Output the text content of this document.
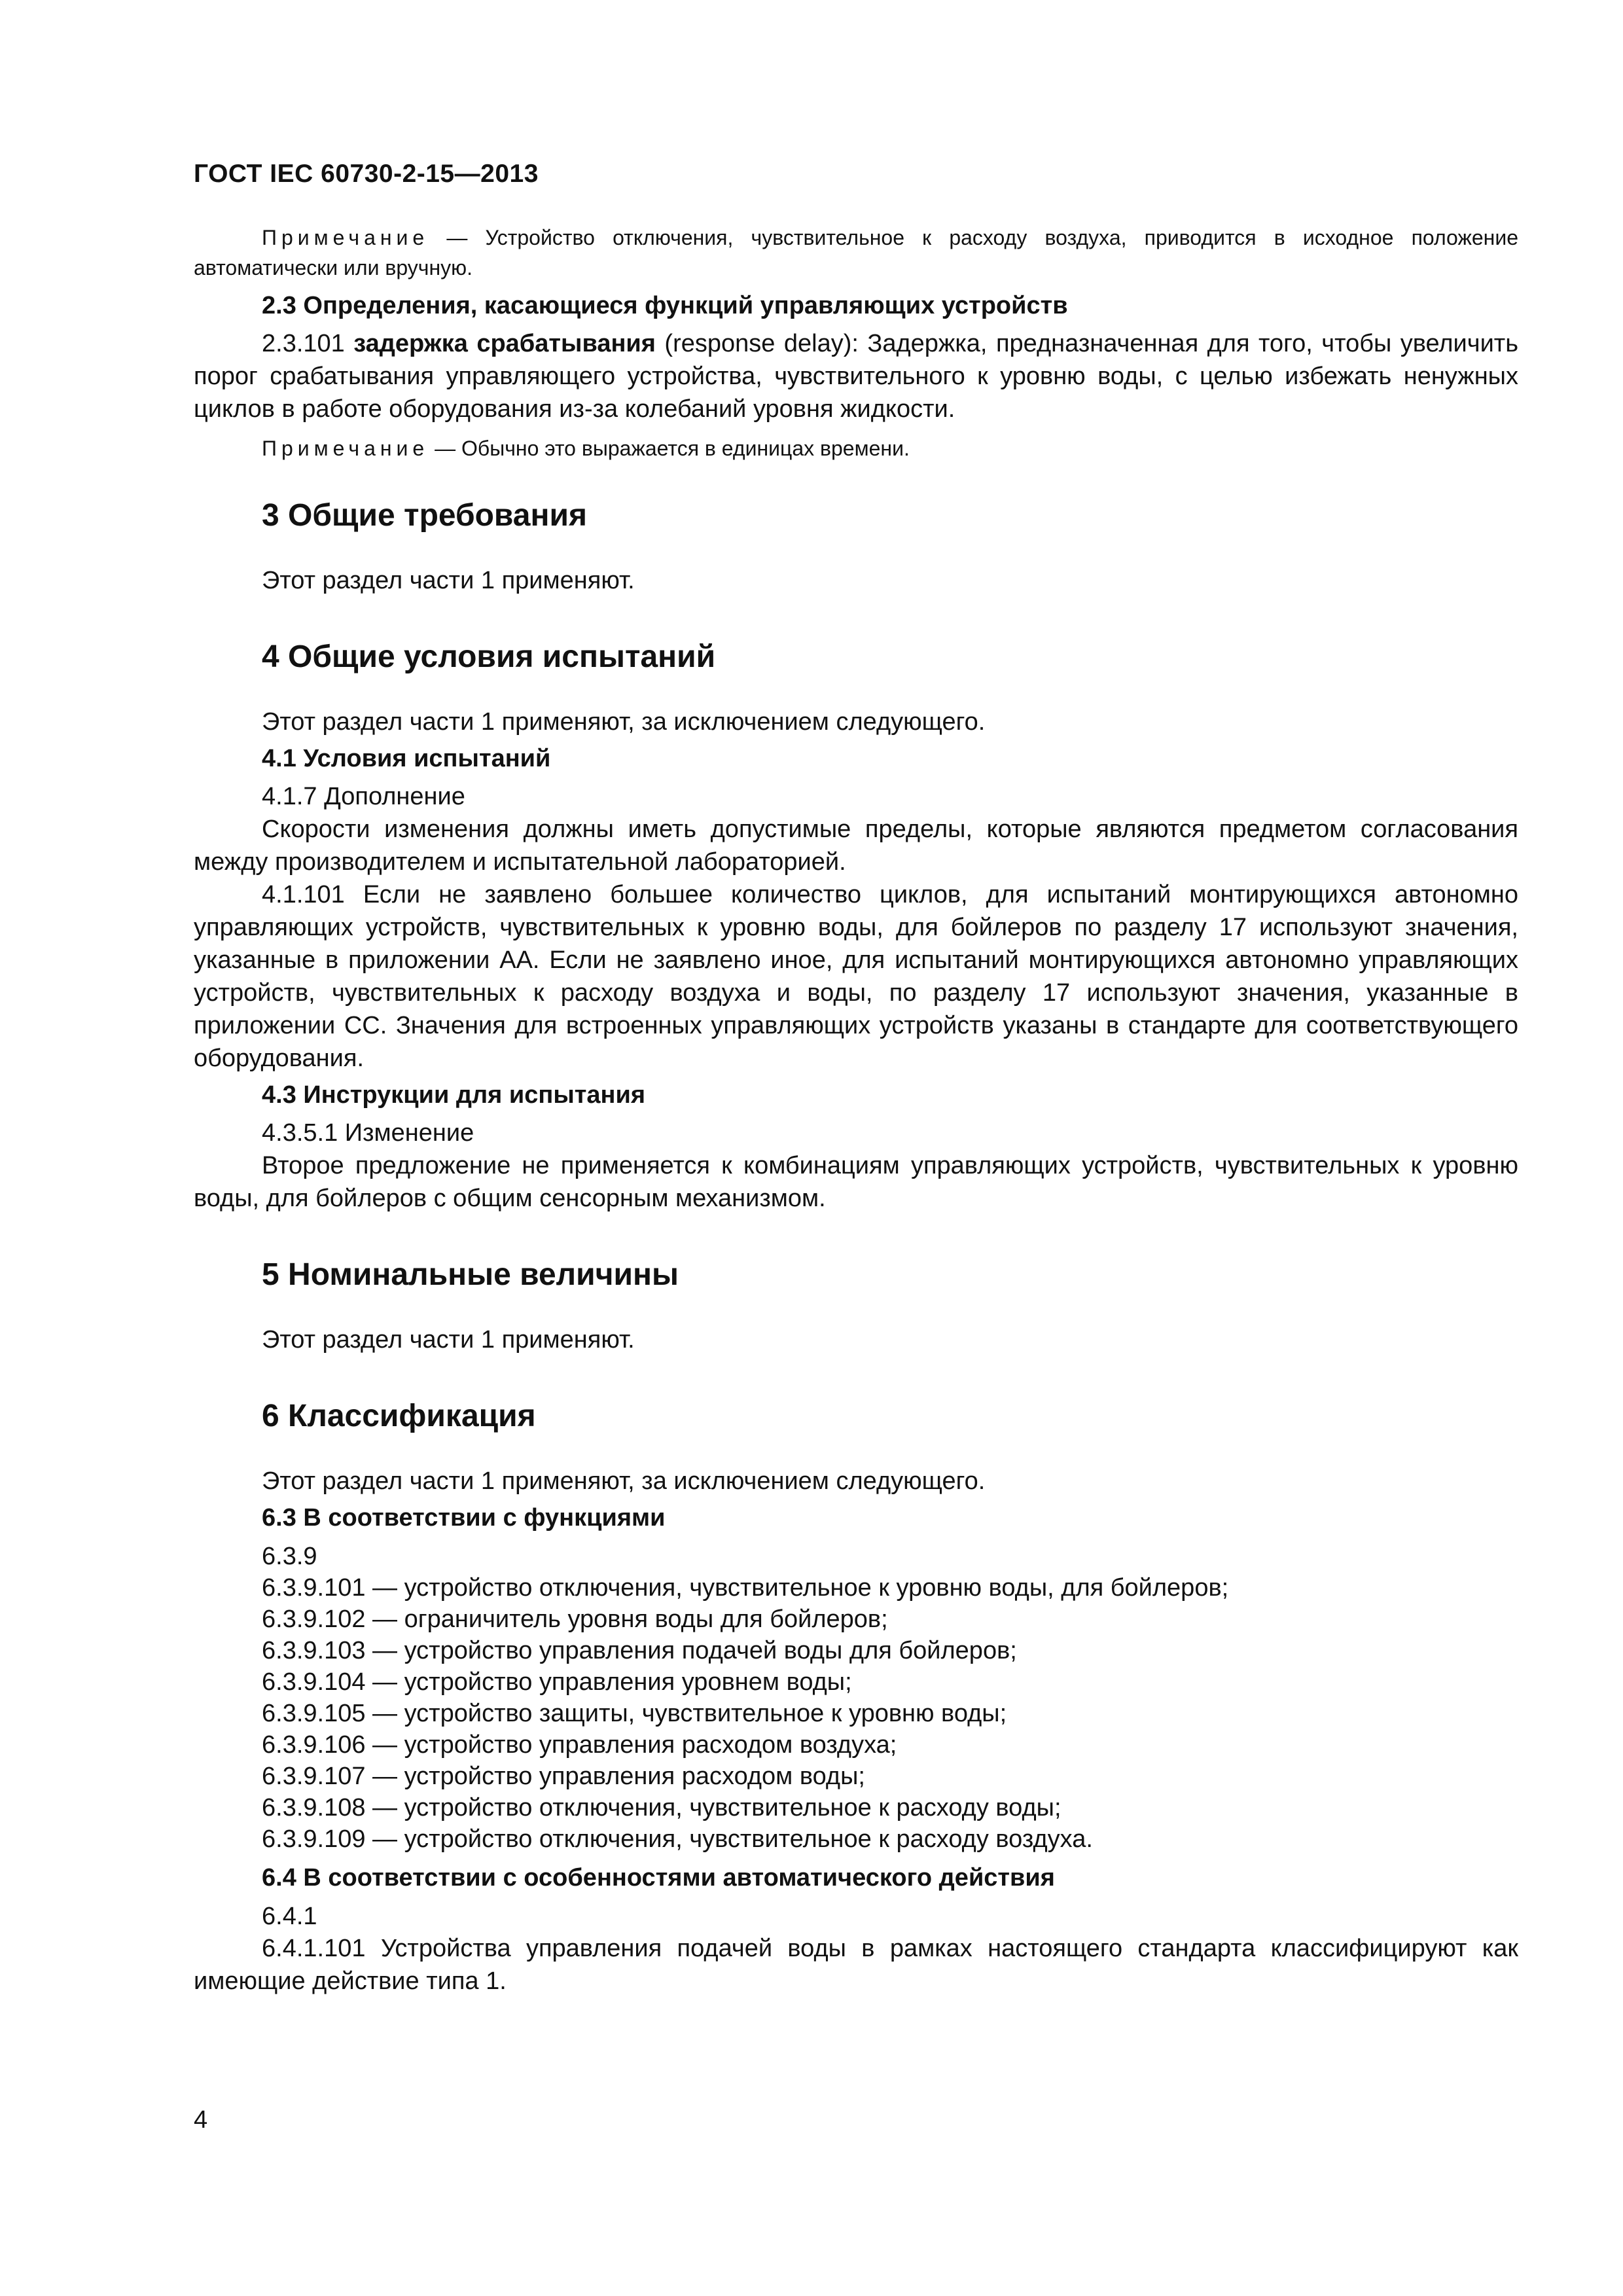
ГОСТ IEC 60730-2-15—2013

Примечание — Устройство отключения, чувствительное к расходу воздуха, приводится в исходное положение автоматически или вручную.

2.3 Определения, касающиеся функций управляющих устройств

2.3.101 задержка срабатывания (response delay): Задержка, предназначенная для того, чтобы увеличить порог срабатывания управляющего устройства, чувствительного к уровню воды, с целью избежать ненужных циклов в работе оборудования из-за колебаний уровня жидкости.

Примечание — Обычно это выражается в единицах времени.

3 Общие требования

Этот раздел части 1 применяют.

4 Общие условия испытаний

Этот раздел части 1 применяют, за исключением следующего.

4.1 Условия испытаний

4.1.7 Дополнение

Скорости изменения должны иметь допустимые пределы, которые являются предметом согласования между производителем и испытательной лабораторией.

4.1.101 Если не заявлено большее количество циклов, для испытаний монтирующихся автономно управляющих устройств, чувствительных к уровню воды, для бойлеров по разделу 17 используют значения, указанные в приложении АА. Если не заявлено иное, для испытаний монтирующихся автономно управляющих устройств, чувствительных к расходу воздуха и воды, по разделу 17 используют значения, указанные в приложении СС. Значения для встроенных управляющих устройств указаны в стандарте для соответствующего оборудования.

4.3 Инструкции для испытания

4.3.5.1 Изменение

Второе предложение не применяется к комбинациям управляющих устройств, чувствительных к уровню воды, для бойлеров с общим сенсорным механизмом.

5 Номинальные величины

Этот раздел части 1 применяют.

6 Классификация

Этот раздел части 1 применяют, за исключением следующего.

6.3 В соответствии с функциями

6.3.9

6.3.9.101 — устройство отключения, чувствительное к уровню воды, для бойлеров;

6.3.9.102 — ограничитель уровня воды для бойлеров;

6.3.9.103 — устройство управления подачей воды для бойлеров;

6.3.9.104 — устройство управления уровнем воды;

6.3.9.105 — устройство защиты, чувствительное к уровню воды;

6.3.9.106 — устройство управления расходом воздуха;

6.3.9.107 — устройство управления расходом воды;

6.3.9.108 — устройство отключения, чувствительное к расходу воды;

6.3.9.109 — устройство отключения, чувствительное к расходу воздуха.

6.4 В соответствии с особенностями автоматического действия

6.4.1

6.4.1.101 Устройства управления подачей воды в рамках настоящего стандарта классифицируют как имеющие действие типа 1.

4
